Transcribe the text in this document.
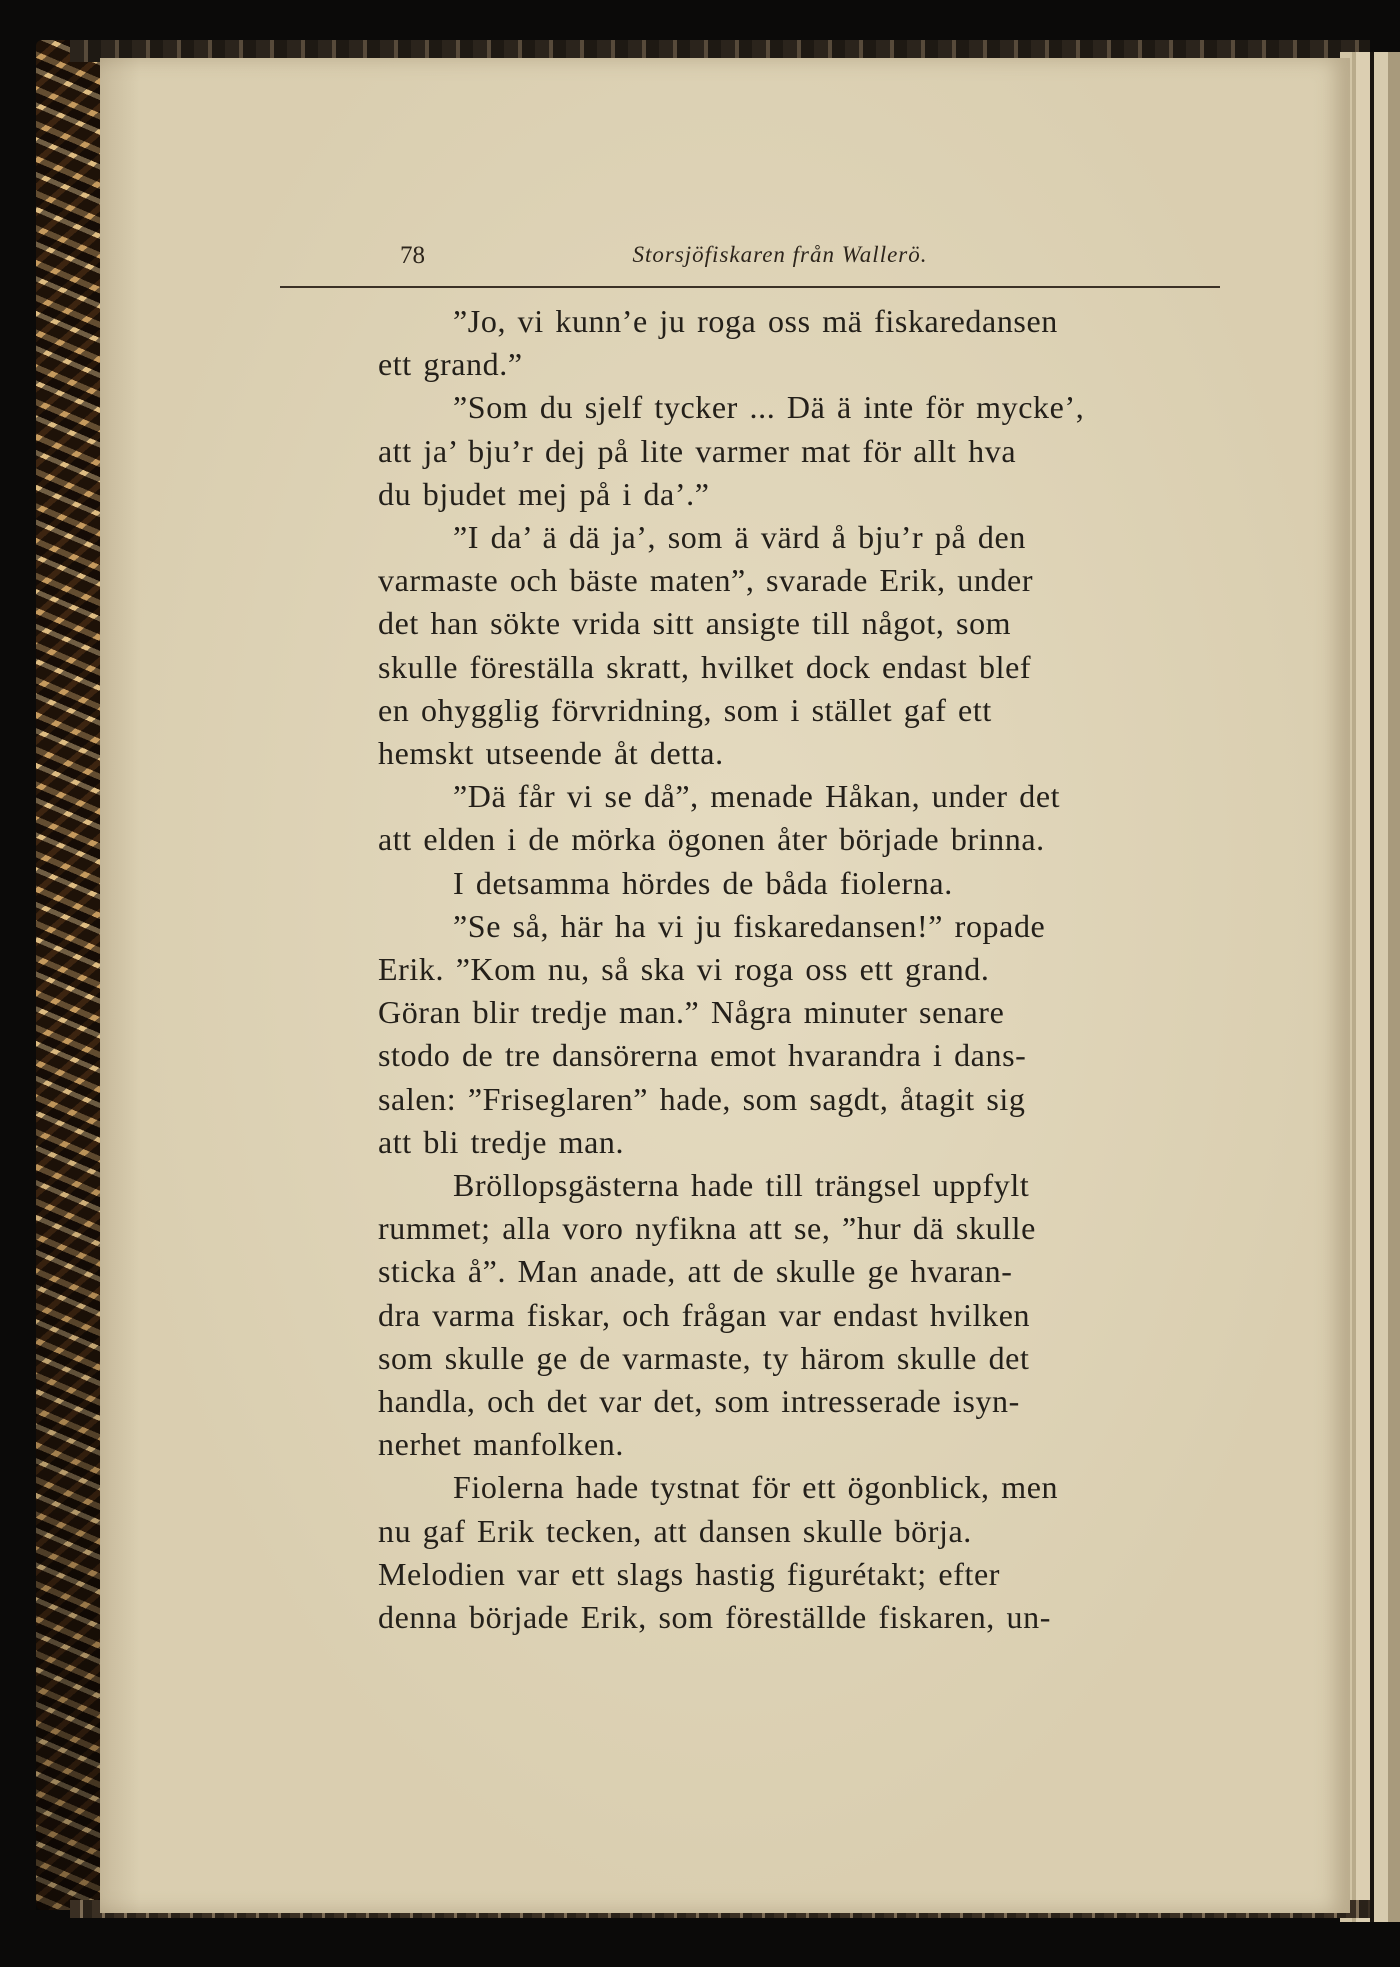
78	Storsjöfiskaren från Wallerö.

”Jo, vi kunn’e ju roga oss mä fiskaredansen
ett grand.”

”Som du sjelf tycker ... Dä ä inte för mycke’,
att ja’ bju’r dej på lite varmer mat för allt hva
du bjudet mej på i da’.”

”I da’ ä dä ja’, som ä värd å bju’r på den
varmaste och bäste maten”, svarade Erik, under
det han sökte vrida sitt ansigte till något, som
skulle föreställa skratt, hvilket dock endast blef
en ohygglig förvridning, som i stället gaf ett
hemskt utseende åt detta.

”Dä får vi se då”, menade Håkan, under det
att elden i de mörka ögonen åter började brinna.

I detsamma hördes de båda fiolerna.

”Se så, här ha vi ju fiskaredansen!” ropade
Erik. ”Kom nu, så ska vi roga oss ett grand.
Göran blir tredje man.” Några minuter senare
stodo de tre dansörerna emot hvarandra i dans-
salen: ”Friseglaren” hade, som sagdt, åtagit sig
att bli tredje man.

Bröllopsgästerna hade till trängsel uppfylt
rummet; alla voro nyfikna att se, ”hur dä skulle
sticka å”. Man anade, att de skulle ge hvaran-
dra varma fiskar, och frågan var endast hvilken
som skulle ge de varmaste, ty härom skulle det
handla, och det var det, som intresserade isyn-
nerhet manfolken.

Fiolerna hade tystnat för ett ögonblick, men
nu gaf Erik tecken, att dansen skulle börja.
Melodien var ett slags hastig figurétakt; efter
denna började Erik, som föreställde fiskaren, un-
